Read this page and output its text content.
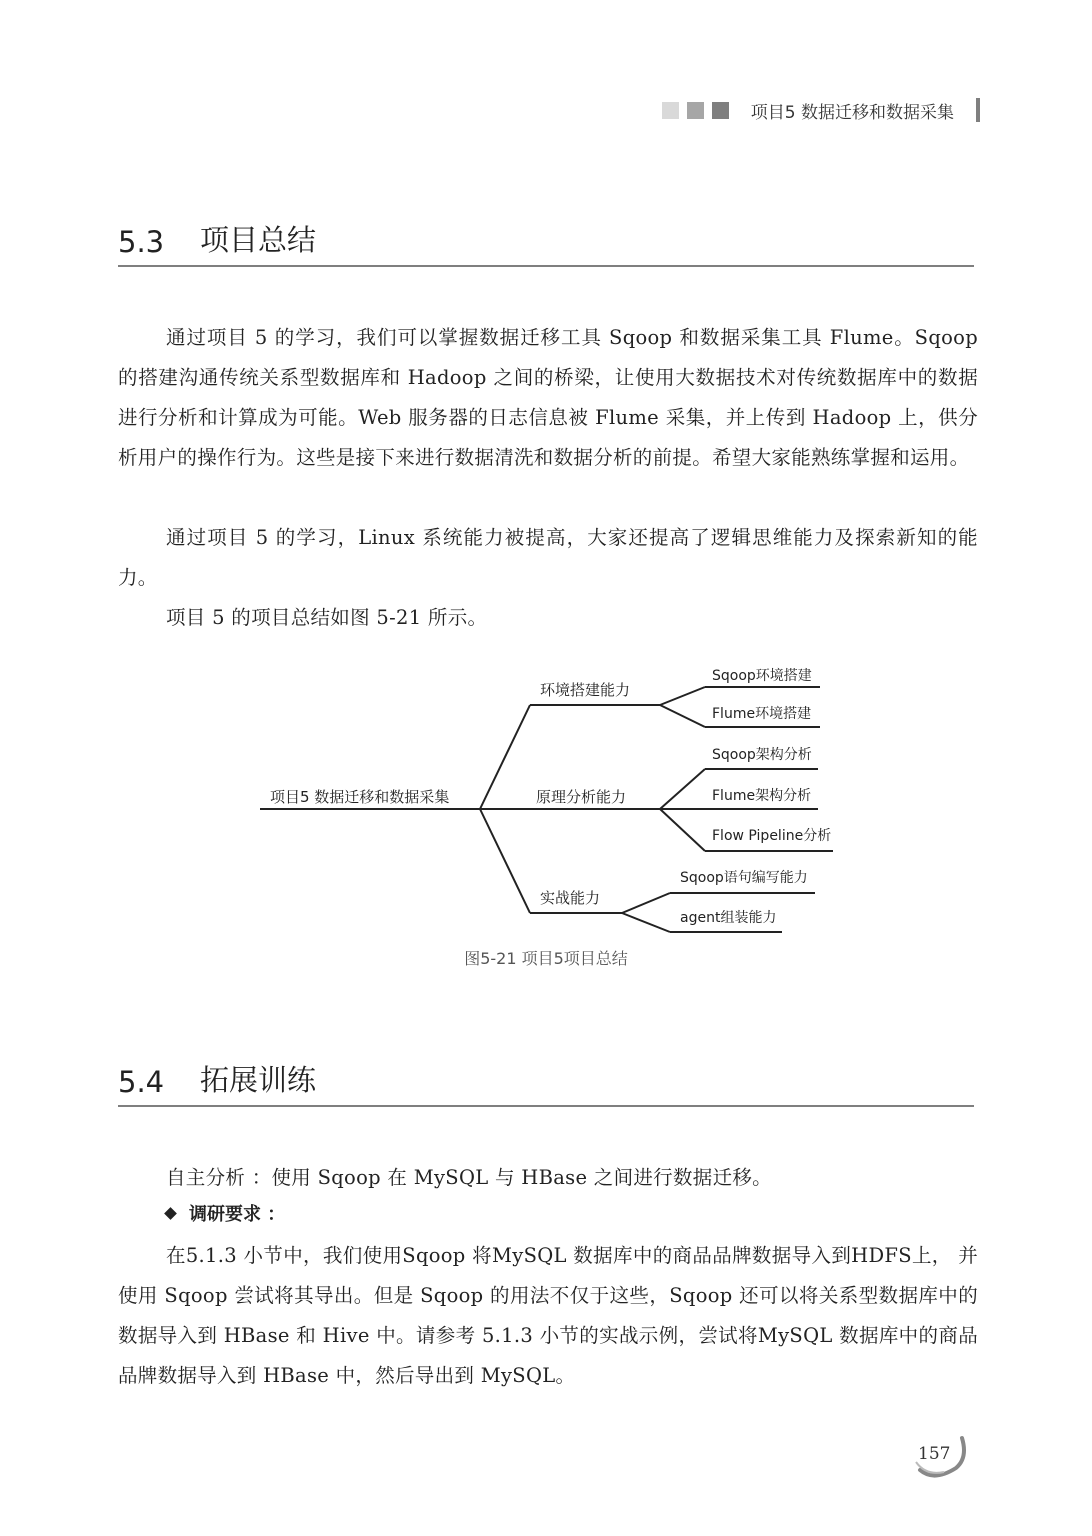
项目5 数据迁移和数据采集
5.3	项目总结

通过项目 5 的学习，我们可以掌握数据迁移工具 Sqoop 和数据采集工具 Flume。Sqoop 的搭建沟通传统关系型数据库和 Hadoop 之间的桥梁，让使用大数据技术对传统数据库中的数据进行分析和计算成为可能。Web 服务器的日志信息被 Flume 采集，并上传到 Hadoop 上，供分析用户的操作行为。这些是接下来进行数据清洗和数据分析的前提。希望大家能熟练掌握和运用。

通过项目 5 的学习，Linux 系统能力被提高，大家还提高了逻辑思维能力及探索新知的能力。

项目 5 的项目总结如图 5-21 所示。

项目5 数据迁移和数据采集
环境搭建能力
原理分析能力
实战能力
Sqoop环境搭建
Flume环境搭建
Sqoop架构分析
Flume架构分析
Flow Pipeline分析
Sqoop语句编写能力
agent组装能力
图5-21 项目5项目总结
5.4	拓展训练

自主分析 ：使用 Sqoop 在 MySQL 与 HBase 之间进行数据迁移。

调研要求 ：

在5.1.3 小节中，我们使用Sqoop 将MySQL 数据库中的商品品牌数据导入到HDFS上， 并使用 Sqoop 尝试将其导出。但是 Sqoop 的用法不仅于这些，Sqoop 还可以将关系型数据库中的数据导入到 HBase 和 Hive 中。请参考 5.1.3 小节的实战示例，尝试将MySQL 数据库中的商品品牌数据导入到 HBase 中，然后导出到 MySQL。

157
